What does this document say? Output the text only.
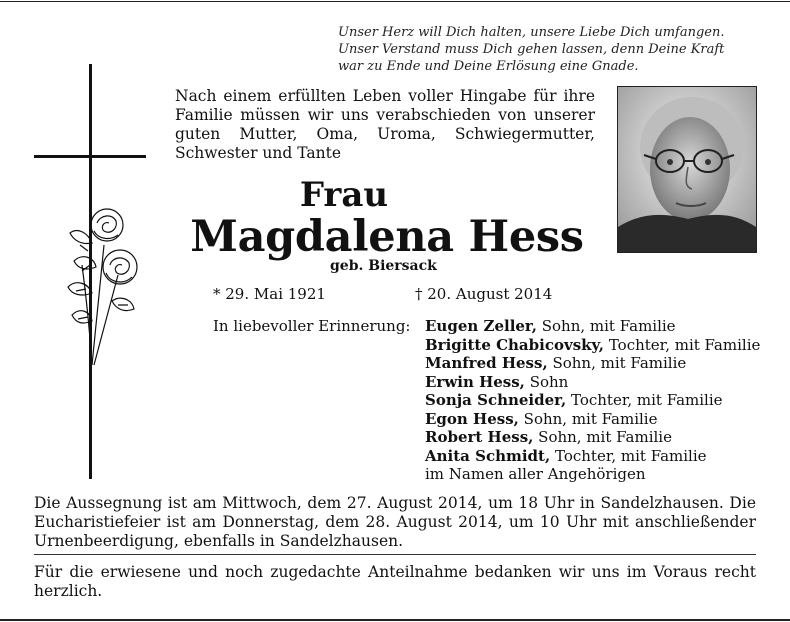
Unser Herz will Dich halten, unsere Liebe Dich umfangen.
Unser Verstand muss Dich gehen lassen, denn Deine Kraft
war zu Ende und Deine Erlösung eine Gnade.
Nach einem erfüllten Leben voller Hingabe für ihre
Familie müssen wir uns verabschieden von unserer
guten Mutter, Oma, Uroma, Schwiegermutter,
Schwester und Tante
Frau
Magdalena Hess
geb. Biersack
* 29. Mai 1921	† 20. August 2014
In liebevoller Erinnerung: Eugen Zeller, Sohn, mit Familie
Brigitte Chabicovsky, Tochter, mit Familie
Manfred Hess, Sohn, mit Familie
Erwin Hess, Sohn
Sonja Schneider, Tochter, mit Familie
Egon Hess, Sohn, mit Familie
Robert Hess, Sohn, mit Familie
Anita Schmidt, Tochter, mit Familie
im Namen aller Angehörigen
Die Aussegnung ist am Mittwoch, dem 27. August 2014, um 18 Uhr in Sandelzhausen. Die
Eucharistiefeier ist am Donnerstag, dem 28. August 2014, um 10 Uhr mit anschließender
Urnenbeerdigung, ebenfalls in Sandelzhausen.
Für die erwiesene und noch zugedachte Anteilnahme bedanken wir uns im Voraus recht
herzlich.
